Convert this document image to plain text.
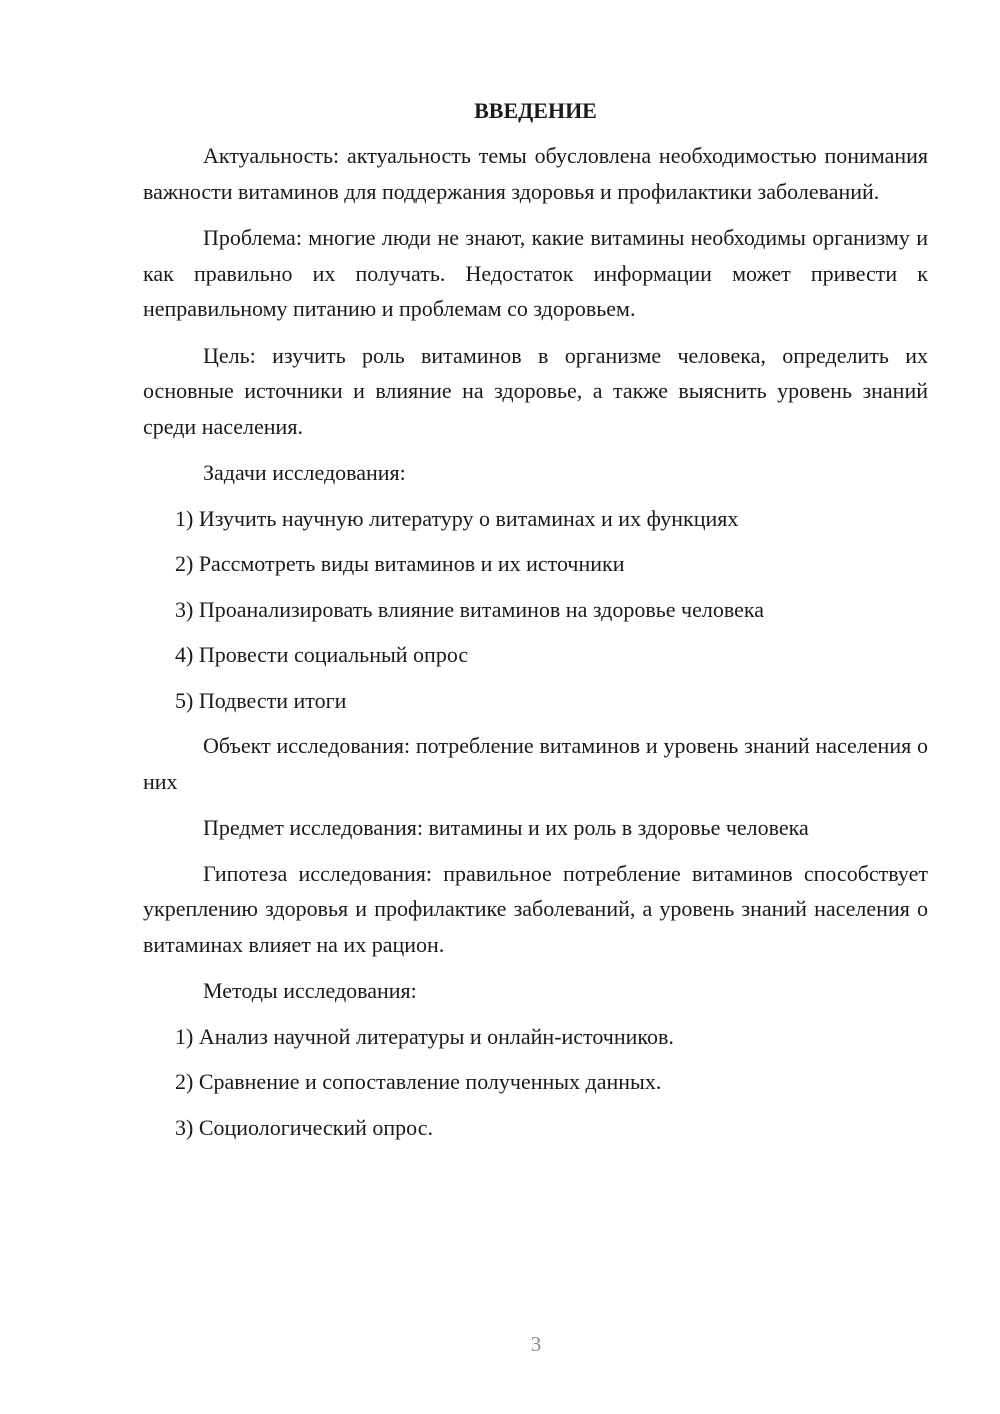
ВВЕДЕНИЕ

Актуальность: актуальность темы обусловлена необходимостью понимания важности витаминов для поддержания здоровья и профилактики заболеваний.

Проблема: многие люди не знают, какие витамины необходимы организму и как правильно их получать. Недостаток информации может привести к неправильному питанию и проблемам со здоровьем.

Цель: изучить роль витаминов в организме человека, определить их основные источники и влияние на здоровье, а также выяснить уровень знаний среди населения.

Задачи исследования:

1) Изучить научную литературу о витаминах и их функциях
2) Рассмотреть виды витаминов и их источники
3) Проанализировать влияние витаминов на здоровье человека
4) Провести социальный опрос
5) Подвести итоги

Объект исследования: потребление витаминов и уровень знаний населения о них

Предмет исследования: витамины и их роль в здоровье человека

Гипотеза исследования: правильное потребление витаминов способствует укреплению здоровья и профилактике заболеваний, а уровень знаний населения о витаминах влияет на их рацион.

Методы исследования:

1) Анализ научной литературы и онлайн-источников.
2) Сравнение и сопоставление полученных данных.
3) Социологический опрос.
3
